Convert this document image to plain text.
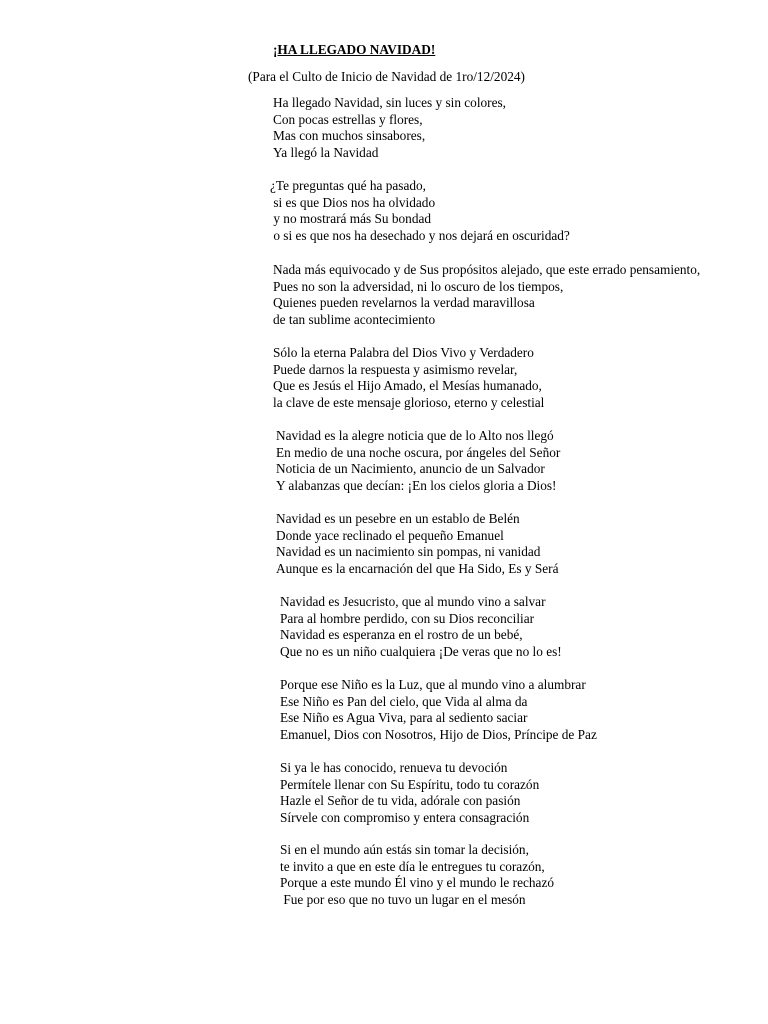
¡HA LLEGADO NAVIDAD!
(Para el Culto de Inicio de Navidad de 1ro/12/2024)
Ha llegado Navidad, sin luces y sin colores,
Con pocas estrellas y flores,
Mas con muchos sinsabores,
Ya llegó la Navidad
¿Te preguntas qué ha pasado,
si es que Dios nos ha olvidado
y no mostrará más Su bondad
o si es que nos ha desechado y nos dejará en oscuridad?
Nada más equivocado y de Sus propósitos alejado, que este errado pensamiento,
Pues no son la adversidad, ni lo oscuro de los tiempos,
Quienes pueden revelarnos la verdad maravillosa
de tan sublime acontecimiento
Sólo la eterna Palabra del Dios Vivo y Verdadero
Puede darnos la respuesta y asimismo revelar,
Que es Jesús el Hijo Amado, el Mesías humanado,
la clave de este mensaje glorioso, eterno y celestial
Navidad es la alegre noticia que de lo Alto nos llegó
En medio de una noche oscura, por ángeles del Señor
Noticia de un Nacimiento, anuncio de un Salvador
Y alabanzas que decían: ¡En los cielos gloria a Dios!
Navidad es un pesebre en un establo de Belén
Donde yace reclinado el pequeño Emanuel
Navidad es un nacimiento sin pompas, ni vanidad
Aunque es la encarnación del que Ha Sido, Es y Será
Navidad es Jesucristo, que al mundo vino a salvar
Para al hombre perdido, con su Dios reconciliar
Navidad es esperanza en el rostro de un bebé,
Que no es un niño cualquiera ¡De veras que no lo es!
Porque ese Niño es la Luz, que al mundo vino a alumbrar
Ese Niño es Pan del cielo, que Vida al alma da
Ese Niño es Agua Viva, para al sediento saciar
Emanuel, Dios con Nosotros, Hijo de Dios, Príncipe de Paz
Si ya le has conocido, renueva tu devoción
Permítele llenar con Su Espíritu, todo tu corazón
Hazle el Señor de tu vida, adórale con pasión
Sírvele con compromiso y entera consagración
Si en el mundo aún estás sin tomar la decisión,
te invito a que en este día le entregues tu corazón,
Porque a este mundo Él vino y el mundo le rechazó
Fue por eso que no tuvo un lugar en el mesón
